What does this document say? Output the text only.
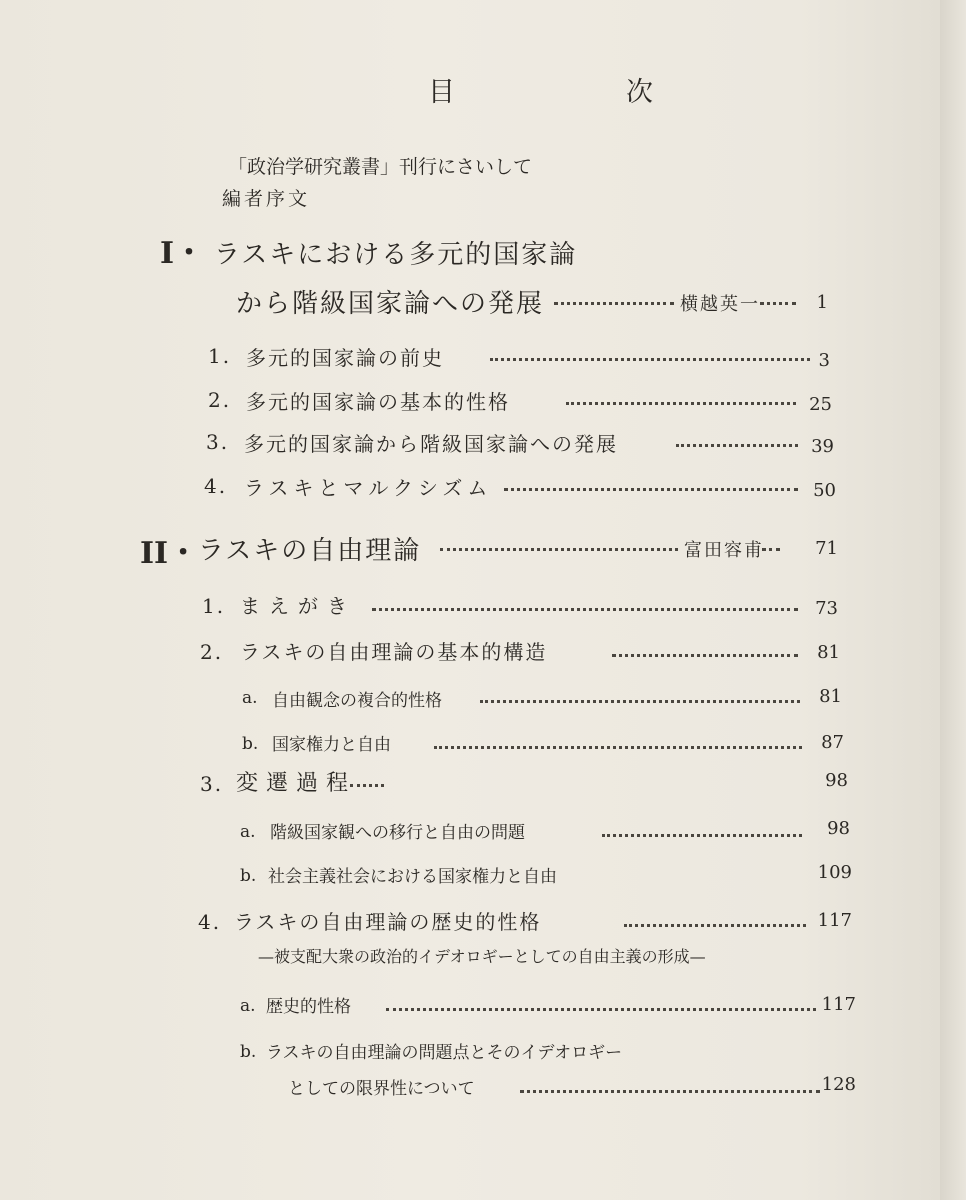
目　次
「政治学研究叢書」刊行にさいして
編者序文
I・ ラスキにおける多元的国家論
から階級国家論への発展	横越英一	1
1. 多元的国家論の前史	3
2. 多元的国家論の基本的性格	25
3. 多元的国家論から階級国家論への発展	39
4. ラスキとマルクシズム	50
II・ ラスキの自由理論	富田容甫	71
1. まえがき	73
2. ラスキの自由理論の基本的構造	81
a. 自由観念の複合的性格	81
b. 国家権力と自由	87
3. 変遷過程	98
a. 階級国家観への移行と自由の問題	98
b. 社会主義社会における国家権力と自由	109
4. ラスキの自由理論の歴史的性格	117
—被支配大衆の政治的イデオロギーとしての自由主義の形成—
a. 歴史的性格	117
b. ラスキの自由理論の問題点とそのイデオロギー
としての限界性について	128
